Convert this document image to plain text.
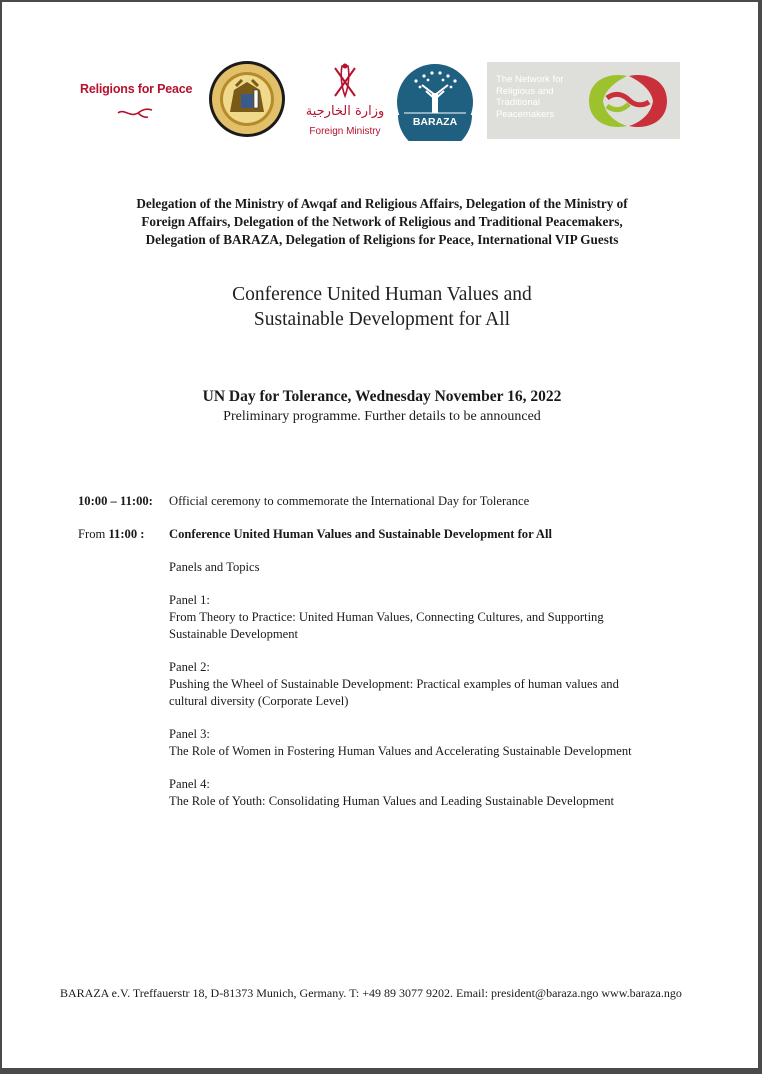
Religions for Peace
وزارة الخارجية
Foreign Ministry
BARAZA
The Network for Religious and Traditional Peacemakers
Delegation of the Ministry of Awqaf and Religious Affairs, Delegation of the Ministry of
Foreign Affairs, Delegation of the Network of Religious and Traditional Peacemakers,
Delegation of BARAZA, Delegation of Religions for Peace, International VIP Guests
Conference United Human Values and
Sustainable Development for All
UN Day for Tolerance, Wednesday November 16, 2022
Preliminary programme. Further details to be announced
10:00 – 11:00: Official ceremony to commemorate the International Day for Tolerance
From 11:00 : Conference United Human Values and Sustainable Development for All
Panels and Topics
Panel 1:
From Theory to Practice: United Human Values, Connecting Cultures, and Supporting
Sustainable Development
Panel 2:
Pushing the Wheel of Sustainable Development: Practical examples of human values and
cultural diversity (Corporate Level)
Panel 3:
The Role of Women in Fostering Human Values and Accelerating Sustainable Development
Panel 4:
The Role of Youth: Consolidating Human Values and Leading Sustainable Development
BARAZA e.V. Treffauerstr 18, D-81373 Munich, Germany. T: +49 89 3077 9202. Email: president@baraza.ngo www.baraza.ngo
